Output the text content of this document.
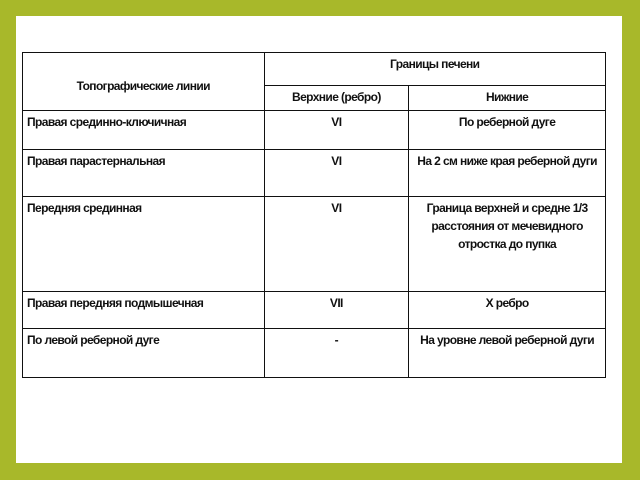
Топографические линии	Границы печени	
	Верхние (ребро)	Нижние
Правая срединно-ключичная	VI	По реберной дуге
Правая парастернальная	VI	На 2 см ниже края реберной дуги
Передняя срединная	VI	Граница верхней и средне 1/3 расстояния от мечевидного отростка до пупка
Правая передняя подмышечная	VII	X ребро
По левой реберной дуге	-	На уровне левой реберной дуги
